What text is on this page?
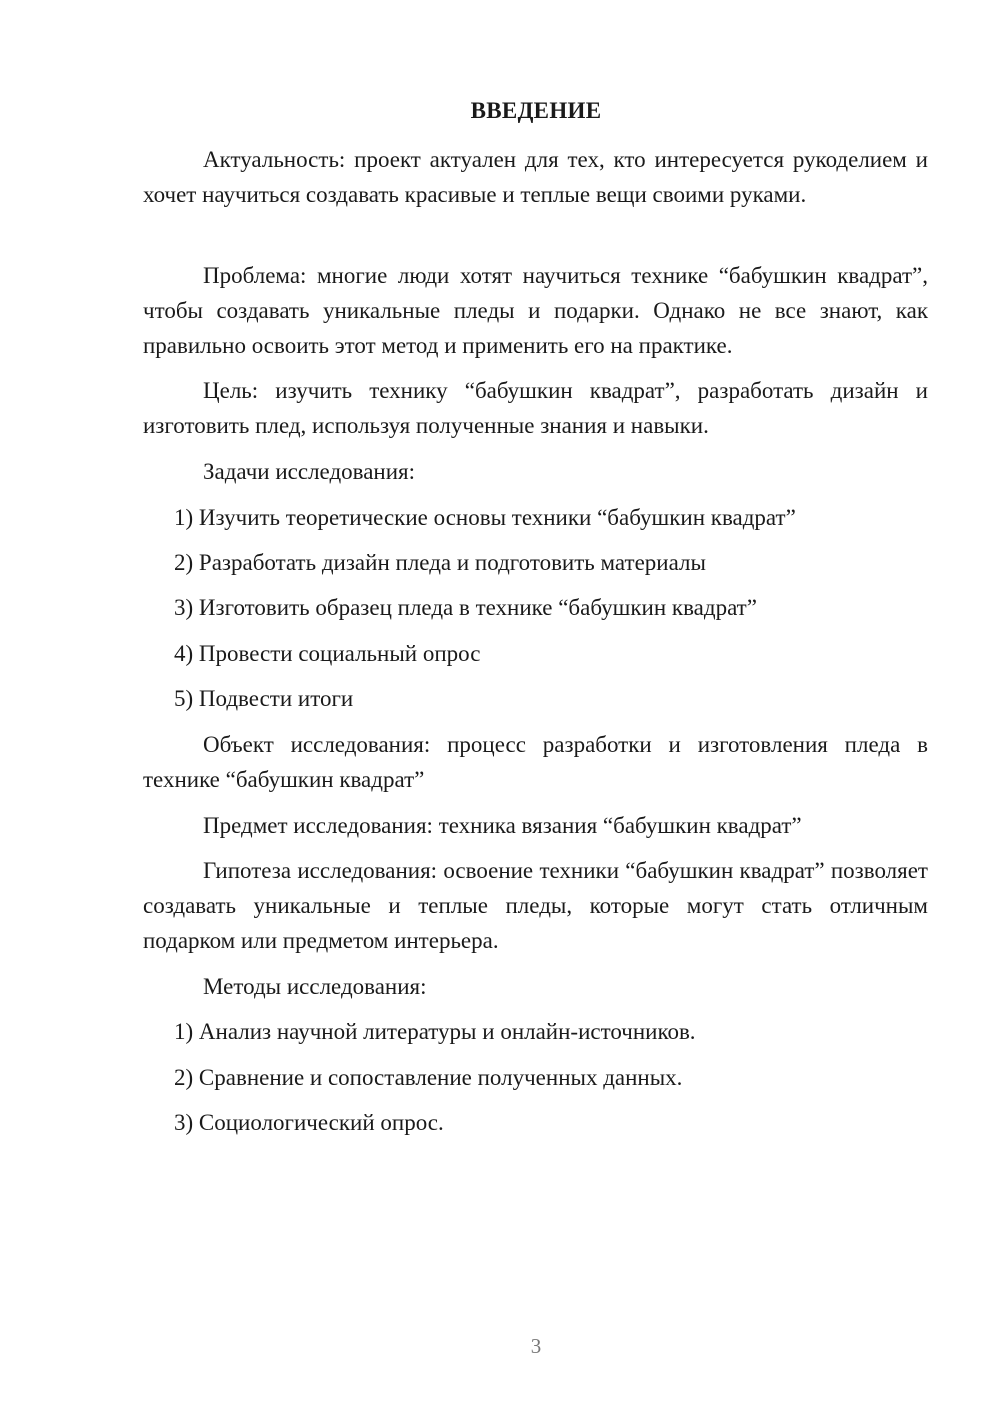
ВВЕДЕНИЕ

Актуальность: проект актуален для тех, кто интересуется рукоделием и хочет научиться создавать красивые и теплые вещи своими руками.

Проблема: многие люди хотят научиться технике “бабушкин квадрат”, чтобы создавать уникальные пледы и подарки. Однако не все знают, как правильно освоить этот метод и применить его на практике.

Цель: изучить технику “бабушкин квадрат”, разработать дизайн и изготовить плед, используя полученные знания и навыки.

Задачи исследования:

1) Изучить теоретические основы техники “бабушкин квадрат”

2) Разработать дизайн пледа и подготовить материалы

3) Изготовить образец пледа в технике “бабушкин квадрат”

4) Провести социальный опрос

5) Подвести итоги

Объект исследования: процесс разработки и изготовления пледа в технике “бабушкин квадрат”

Предмет исследования: техника вязания “бабушкин квадрат”

Гипотеза исследования: освоение техники “бабушкин квадрат” позволяет создавать уникальные и теплые пледы, которые могут стать отличным подарком или предметом интерьера.

Методы исследования:

1) Анализ научной литературы и онлайн-источников.

2) Сравнение и сопоставление полученных данных.

3) Социологический опрос.

3
